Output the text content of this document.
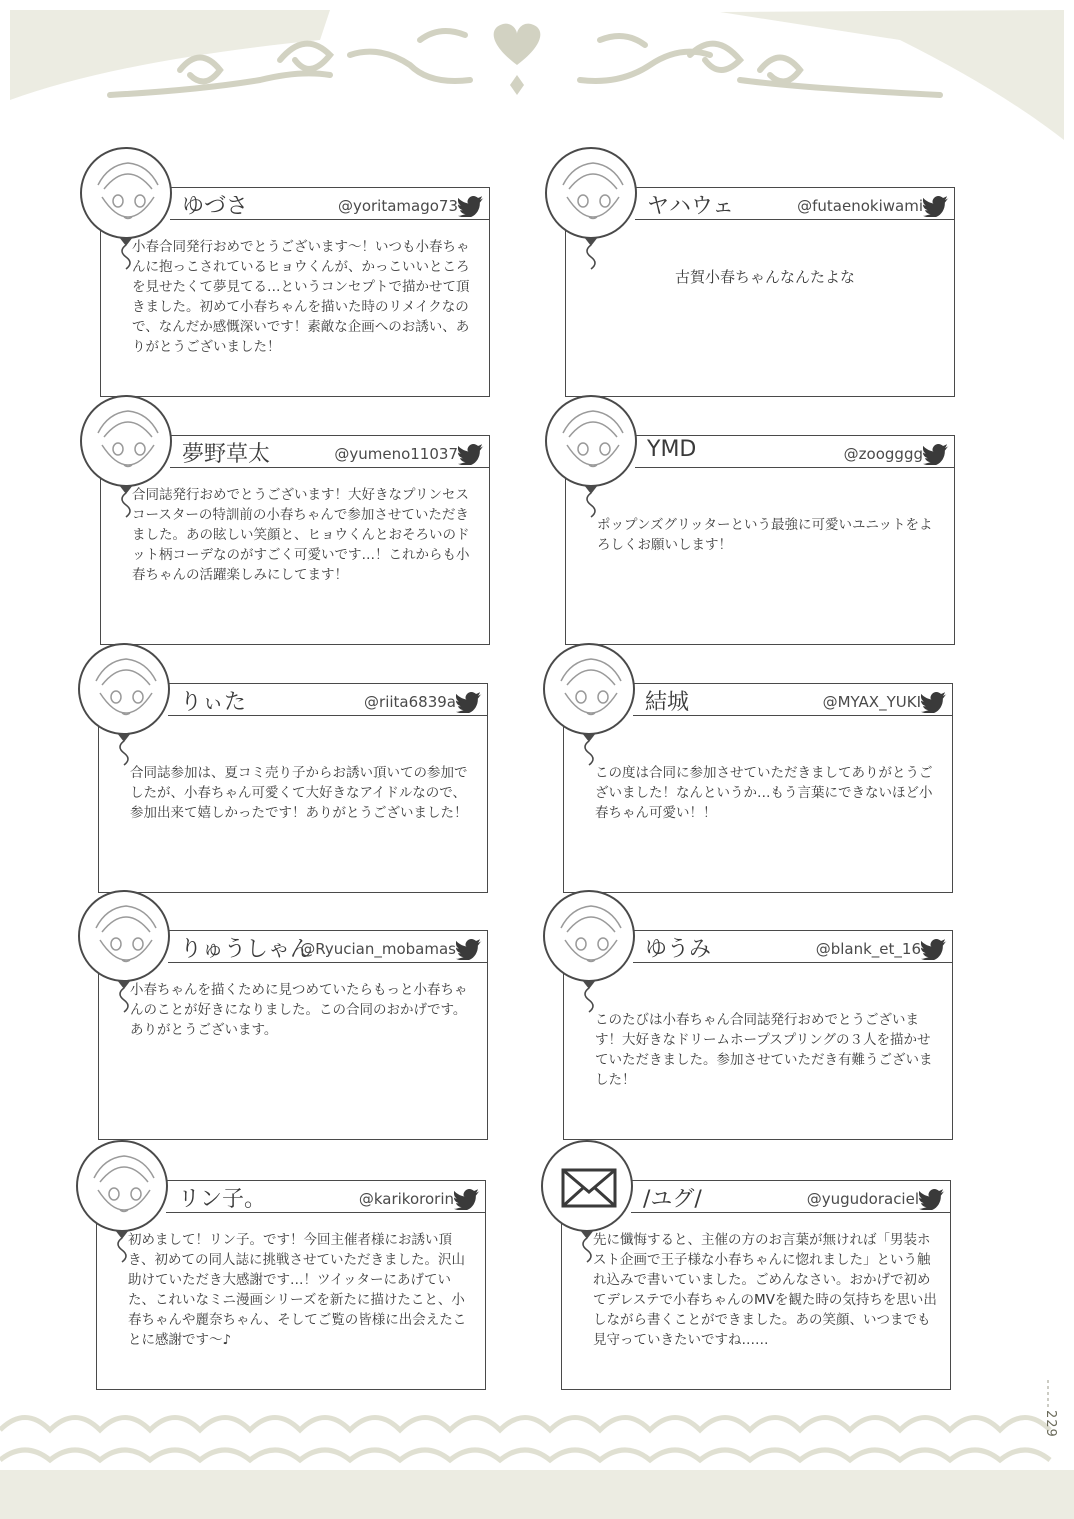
229
ゆづさ	@yoritamago73
小春合同発行おめでとうございます～！いつも小春ちゃんに抱っこされているヒョウくんが、かっこいいところを見せたくて夢見てる…というコンセプトで描かせて頂きました。初めて小春ちゃんを描いた時のリメイクなので、なんだか感慨深いです！素敵な企画へのお誘い、ありがとうございました！
ヤハウェ	@futaenokiwami
古賀小春ちゃんなんたよな
夢野草太	@yumeno11037
合同誌発行おめでとうございます！大好きなプリンセスコースターの特訓前の小春ちゃんで参加させていただきました。あの眩しい笑顔と、ヒョウくんとおそろいのドット柄コーデなのがすごく可愛いです…！これからも小春ちゃんの活躍楽しみにしてます！
YMD	@zoogggg
ポップンズグリッターという最強に可愛いユニットをよろしくお願いします！
りぃた	@riita6839a
合同誌参加は、夏コミ売り子からお誘い頂いての参加でしたが、小春ちゃん可愛くて大好きなアイドルなので、参加出来て嬉しかったです！ありがとうございました！
結城	@MYAX_YUKI
この度は合同に参加させていただきましてありがとうございました！なんというか…もう言葉にできないほど小春ちゃん可愛い！！
りゅうしゃん
@Ryucian_mobamas
小春ちゃんを描くために見つめていたらもっと小春ちゃんのことが好きになりました。この合同のおかげです。ありがとうございます。
ゆうみ	@blank_et_16
このたびは小春ちゃん合同誌発行おめでとうございます！大好きなドリームホープスプリングの３人を描かせていただきました。参加させていただき有難うございました！
リン子。	@karikororin
初めまして！リン子。です！今回主催者様にお誘い頂き、初めての同人誌に挑戦させていただきました。沢山助けていただき大感謝です…！ツイッターにあげていた、これいなミニ漫画シリーズを新たに描けたこと、小春ちゃんや麗奈ちゃん、そしてご覧の皆様に出会えたことに感謝です～♪
/ユグ/	@yugudoraciel
先に懺悔すると、主催の方のお言葉が無ければ「男装ホスト企画で王子様な小春ちゃんに惚れました」という触れ込みで書いていました。ごめんなさい。おかげで初めてデレステで小春ちゃんのMVを観た時の気持ちを思い出しながら書くことができました。あの笑顔、いつまでも見守っていきたいですね……
